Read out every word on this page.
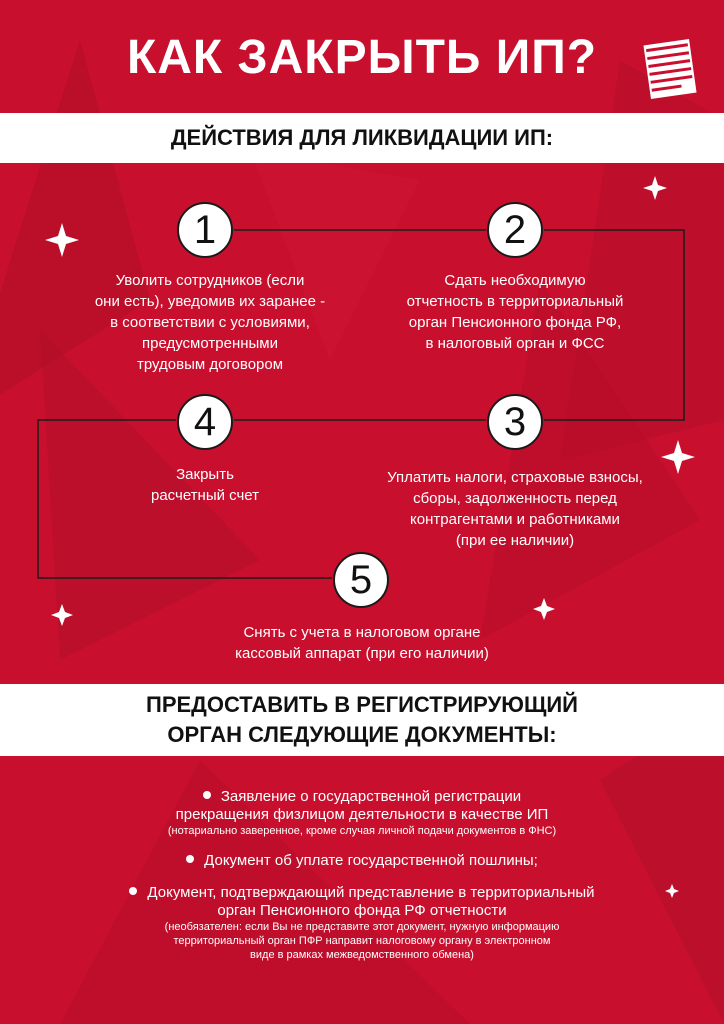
КАК ЗАКРЫТЬ ИП?
ДЕЙСТВИЯ ДЛЯ ЛИКВИДАЦИИ ИП:
1
Уволить сотрудников (если
они есть), уведомив их заранее -
в соответствии с условиями,
предусмотренными
трудовым договором
2
Сдать необходимую
отчетность в территориальный
орган Пенсионного фонда РФ,
в налоговый орган и ФСС
4
Закрыть
расчетный счет
3
Уплатить налоги, страховые взносы,
сборы, задолженность перед
контрагентами и работниками
(при ее наличии)
5
Снять с учета в налоговом органе
кассовый аппарат (при его наличии)
ПРЕДОСТАВИТЬ В РЕГИСТРИРУЮЩИЙ
ОРГАН СЛЕДУЮЩИЕ ДОКУМЕНТЫ:
Заявление о государственной регистрации
прекращения физлицом деятельности в качестве ИП
(нотариально заверенное, кроме случая личной подачи документов в ФНС)
Документ об уплате государственной пошлины;
Документ, подтверждающий представление в территориальный
орган Пенсионного фонда РФ отчетности
(необязателен: если Вы не представите этот документ, нужную информацию
территориальный орган ПФР направит налоговому органу в электронном
виде в рамках межведомственного обмена)
